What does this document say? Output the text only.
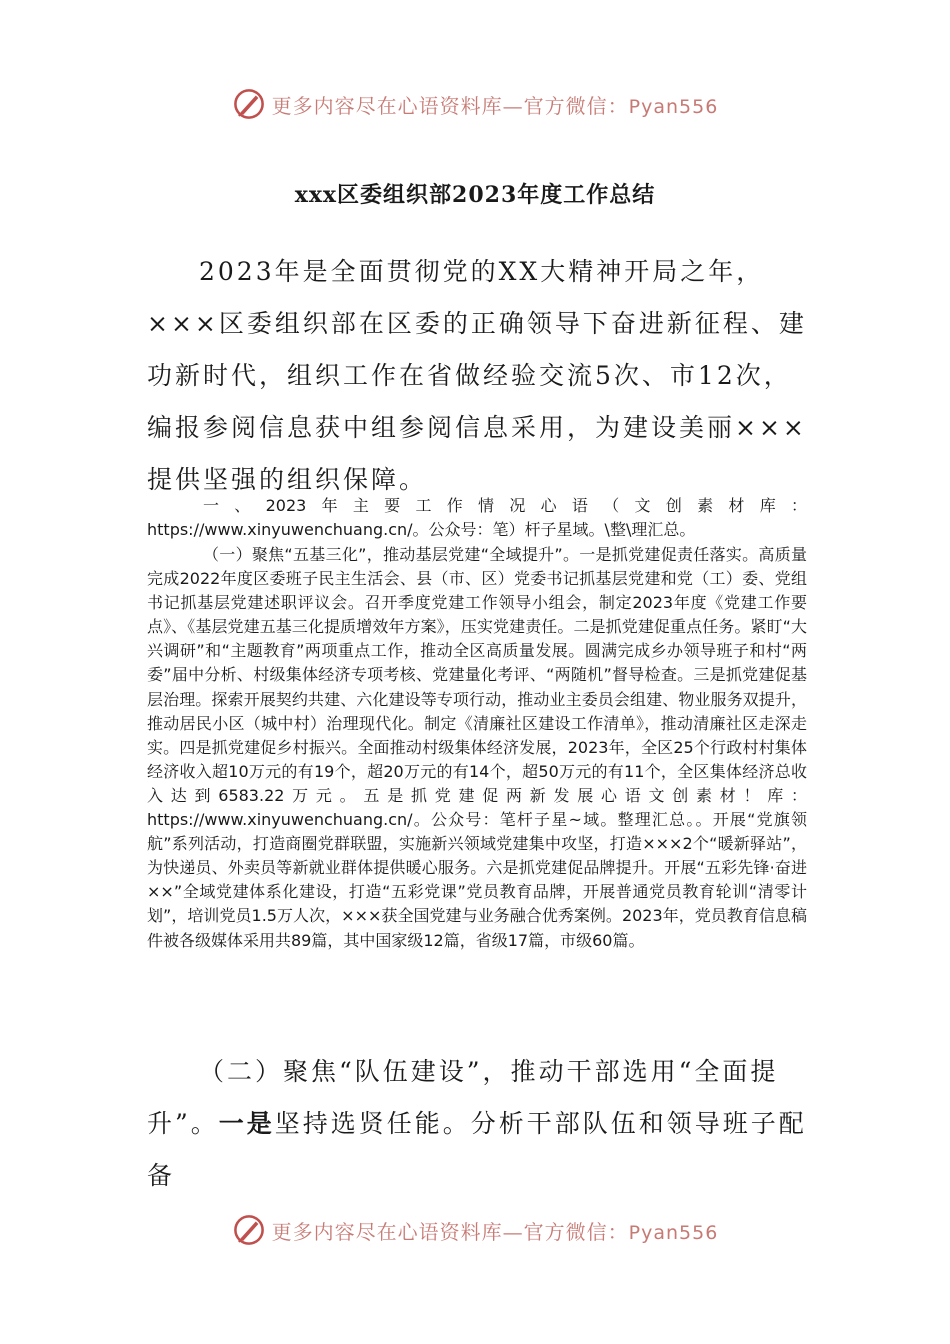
更多内容尽在心语资料库—官方微信：Pyan556
xxx区委组织部2023年度工作总结

2023年是全面贯彻党的XX大精神开局之年，×××区委组织部在区委的正确领导下奋进新征程、建功新时代，组织工作在省做经验交流5次、市12次，编报参阅信息获中组参阅信息采用，为建设美丽×××提供坚强的组织保障。

一、2023年主要工作情况心语（文创素材库：https://www.xinyuwenchuang.cn/。公众号：笔）杆子星域。\整\理汇总。

（一）聚焦“五基三化”，推动基层党建“全域提升”。一是抓党建促责任落实。高质量完成2022年度区委班子民主生活会、县（市、区）党委书记抓基层党建和党（工）委、党组书记抓基层党建述职评议会。召开季度党建工作领导小组会，制定2023年度《党建工作要点》、《基层党建五基三化提质增效年方案》，压实党建责任。二是抓党建促重点任务。紧盯“大兴调研”和“主题教育”两项重点工作，推动全区高质量发展。圆满完成乡办领导班子和村“两委”届中分析、村级集体经济专项考核、党建量化考评、“两随机”督导检查。三是抓党建促基层治理。探索开展契约共建、六化建设等专项行动，推动业主委员会组建、物业服务双提升，推动居民小区（城中村）治理现代化。制定《清廉社区建设工作清单》，推动清廉社区走深走实。四是抓党建促乡村振兴。全面推动村级集体经济发展，2023年，全区25个行政村村集体经济收入超10万元的有19个，超20万元的有14个，超50万元的有11个，全区集体经济总收入达到6583.22万元。五是抓党建促两新发展心语文创素材！库：https://www.xinyuwenchuang.cn/。公众号：笔杆子星~域。整理汇总。。开展“党旗领航”系列活动，打造商圈党群联盟，实施新兴领域党建集中攻坚，打造×××2个“暖新驿站”，为快递员、外卖员等新就业群体提供暖心服务。六是抓党建促品牌提升。开展“五彩先锋·奋进××”全域党建体系化建设，打造“五彩党课”党员教育品牌，开展普通党员教育轮训“清零计划”，培训党员1.5万人次，×××获全国党建与业务融合优秀案例。2023年，党员教育信息稿件被各级媒体采用共89篇，其中国家级12篇，省级17篇，市级60篇。

（二）聚焦“队伍建设”，推动干部选用“全面提升”。一是坚持选贤任能。分析干部队伍和领导班子配备

更多内容尽在心语资料库—官方微信：Pyan556
